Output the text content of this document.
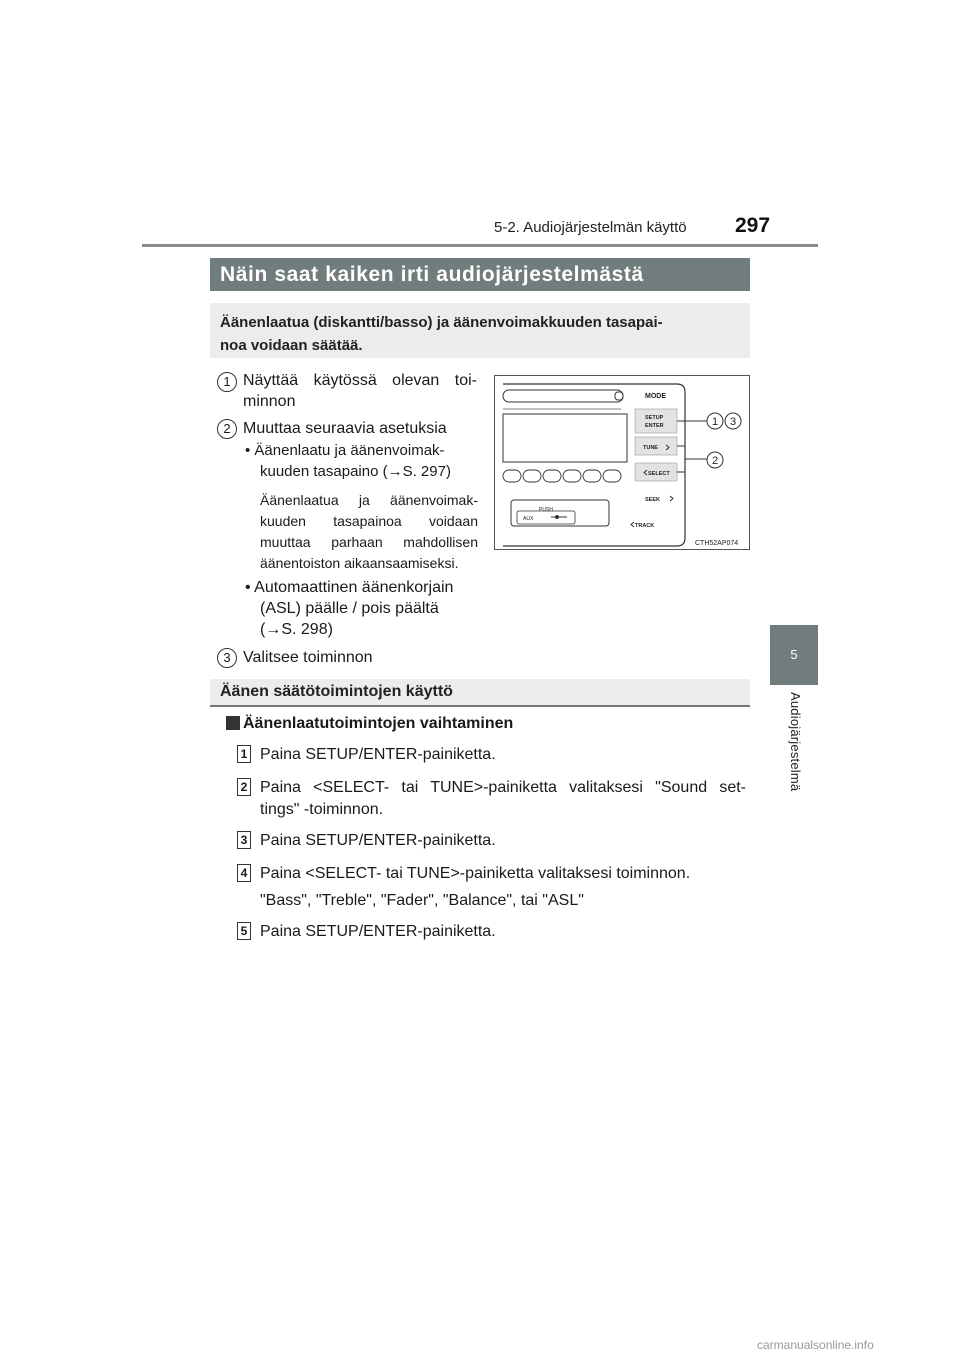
5-2. Audiojärjestelmän käyttö 297
5
Audiojärjestelmä
Näin saat kaiken irti audiojärjestelmästä
Äänenlaatua (diskantti/basso) ja äänenvoimakkuuden tasapai-
noa voidaan säätää.
1 Näyttää käytössä olevan toi-minnon
2 Muuttaa seuraavia asetuksia
• Äänenlaatu ja äänenvoimak-
kuuden tasapaino (→S. 297)
Äänenlaatua ja äänenvoimak-kuuden tasapainoa voidaan muuttaa parhaan mahdollisen äänentoiston aikaansaamiseksi.
• Automaattinen äänenkorjain
(ASL) päälle / pois päältä
(→S. 298)
3 Valitsee toiminnon
PUSH
AUX
MODE
SETUP
ENTER
TUNE
SELECT
SEEK
TRACK
1 3
2
CTH52AP074
Äänen säätötoimintojen käyttö
Äänenlaatutoimintojen vaihtaminen
1 Paina SETUP/ENTER-painiketta.
2 Paina <SELECT- tai TUNE>-painiketta valitaksesi "Sound set-
tings" -toiminnon.
3 Paina SETUP/ENTER-painiketta.
4 Paina <SELECT- tai TUNE>-painiketta valitaksesi toiminnon.
"Bass", "Treble", "Fader", "Balance", tai "ASL"
5 Paina SETUP/ENTER-painiketta.
carmanualsonline.info
